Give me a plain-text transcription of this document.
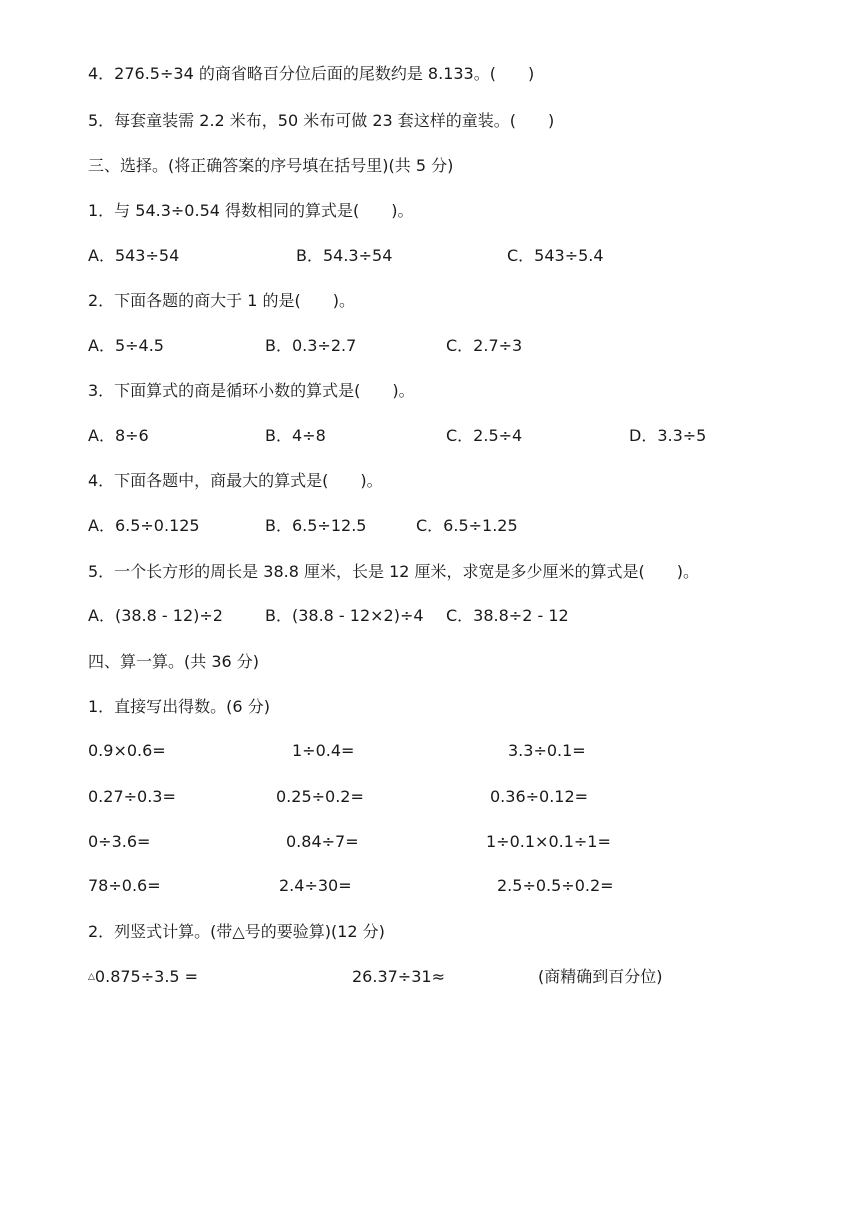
4．276.5÷34 的商省略百分位后面的尾数约是 8.133。(　　)
5．每套童装需 2.2 米布，50 米布可做 23 套这样的童装。(　　)
三、选择。(将正确答案的序号填在括号里)(共 5 分)
1．与 54.3÷0.54 得数相同的算式是(　　)。
A．543÷54	B．54.3÷54	C．543÷5.4
2．下面各题的商大于 1 的是(　　)。
A．5÷4.5	B．0.3÷2.7	C．2.7÷3
3．下面算式的商是循环小数的算式是(　　)。
A．8÷6	B．4÷8	C．2.5÷4	D．3.3÷5
4．下面各题中，商最大的算式是(　　)。
A．6.5÷0.125	B．6.5÷12.5	C．6.5÷1.25
5．一个长方形的周长是 38.8 厘米，长是 12 厘米，求宽是多少厘米的算式是(　　)。
A．(38.8 - 12)÷2	B．(38.8 - 12×2)÷4 C．38.8÷2 - 12
四、算一算。(共 36 分)
1．直接写出得数。(6 分)
0.9×0.6=	1÷0.4=	3.3÷0.1=
0.27÷0.3=	0.25÷0.2=	0.36÷0.12=
0÷3.6=	0.84÷7=	1÷0.1×0.1÷1=
78÷0.6=	2.4÷30=	2.5÷0.5÷0.2=
2．列竖式计算。(带△号的要验算)(12 分)
△0.875÷3.5 =	26.37÷31≈	(商精确到百分位)
